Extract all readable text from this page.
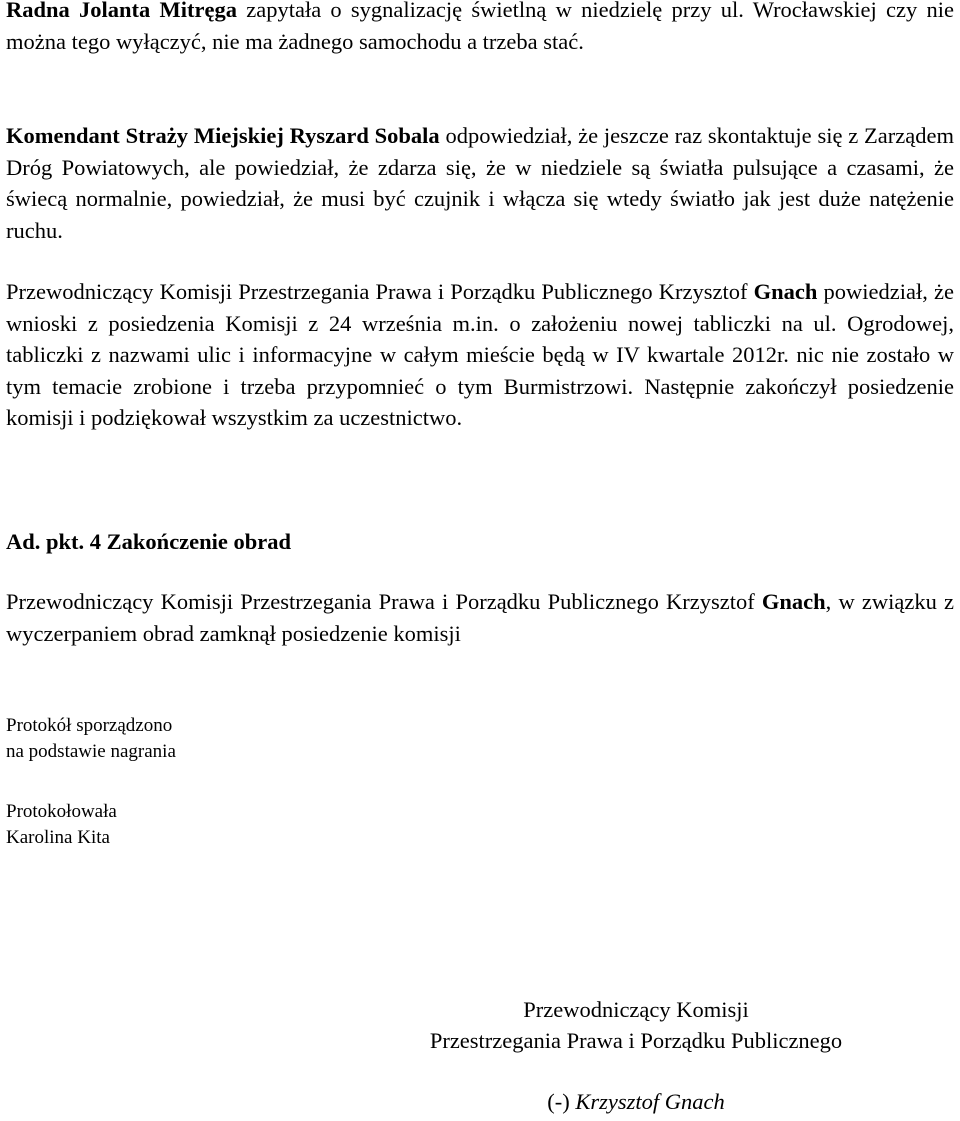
Radna Jolanta Mitręga zapytała o sygnalizację świetlną w niedzielę przy ul. Wrocławskiej czy nie można tego wyłączyć, nie ma żadnego samochodu a trzeba stać.

Komendant Straży Miejskiej Ryszard Sobala odpowiedział, że jeszcze raz skontaktuje się z Zarządem Dróg Powiatowych, ale powiedział, że zdarza się, że w niedziele są światła pulsujące a czasami, że świecą normalnie, powiedział, że musi być czujnik i włącza się wtedy światło jak jest duże natężenie ruchu.

Przewodniczący Komisji Przestrzegania Prawa i Porządku Publicznego Krzysztof Gnach powiedział, że wnioski z posiedzenia Komisji z 24 września m.in. o założeniu nowej tabliczki na ul. Ogrodowej, tabliczki z nazwami ulic i informacyjne w całym mieście będą w IV kwartale 2012r. nic nie zostało w tym temacie zrobione i trzeba przypomnieć o tym Burmistrzowi. Następnie zakończył posiedzenie komisji i podziękował wszystkim za uczestnictwo.

Ad. pkt. 4 Zakończenie obrad

Przewodniczący Komisji Przestrzegania Prawa i Porządku Publicznego Krzysztof Gnach, w związku z wyczerpaniem obrad zamknął posiedzenie komisji

Protokół sporządzono

na podstawie nagrania

Protokołowała

Karolina Kita

Przewodniczący Komisji
Przestrzegania Prawa i Porządku Publicznego
(-) Krzysztof Gnach
